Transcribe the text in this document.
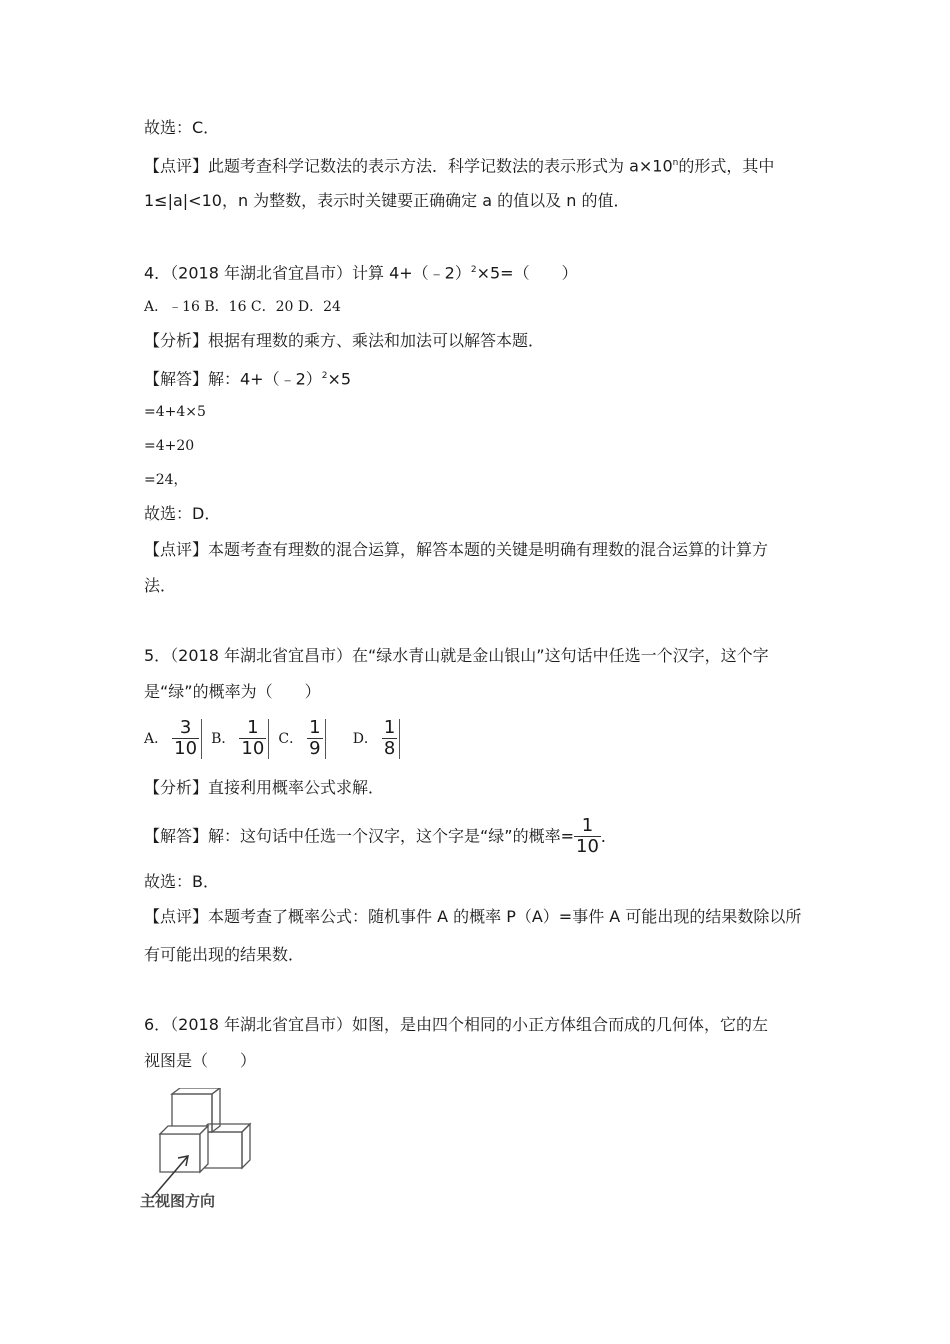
故选：C．
【点评】此题考查科学记数法的表示方法．科学记数法的表示形式为 $a\times 10^n$的形式，其中
1≤|a|<10，n 为整数，表示时关键要正确确定 a 的值以及 n 的值．
4．（2018 年湖北省宜昌市）计算 4+（﹣2）$^2$×5=（　　）
A．﹣16 B．16 C．20 D．24
【分析】根据有理数的乘方、乘法和加法可以解答本题．
【解答】解：4+（﹣2）$^2$×5
=4+4×5
=4+20
=24，
故选：D．
【点评】本题考查有理数的混合运算，解答本题的关键是明确有理数的混合运算的计算方
法．
5．（2018 年湖北省宜昌市）在“绿水青山就是金山银山”这句话中任选一个汉字，这个字
是“绿”的概率为（　　）
A． $\frac{3}{10}$ B． $\frac{1}{10}$ C． $\frac{1}{9}$ D． $\frac{1}{8}$
【分析】直接利用概率公式求解．
【解答】解：这句话中任选一个汉字，这个字是“绿”的概率= $\frac{1}{10}$ ．
故选：B．
【点评】本题考查了概率公式：随机事件 A 的概率 P（A）=事件 A 可能出现的结果数除以所
有可能出现的结果数．
6．（2018 年湖北省宜昌市）如图，是由四个相同的小正方体组合而成的几何体，它的左
视图是（　　）
主视图方向
